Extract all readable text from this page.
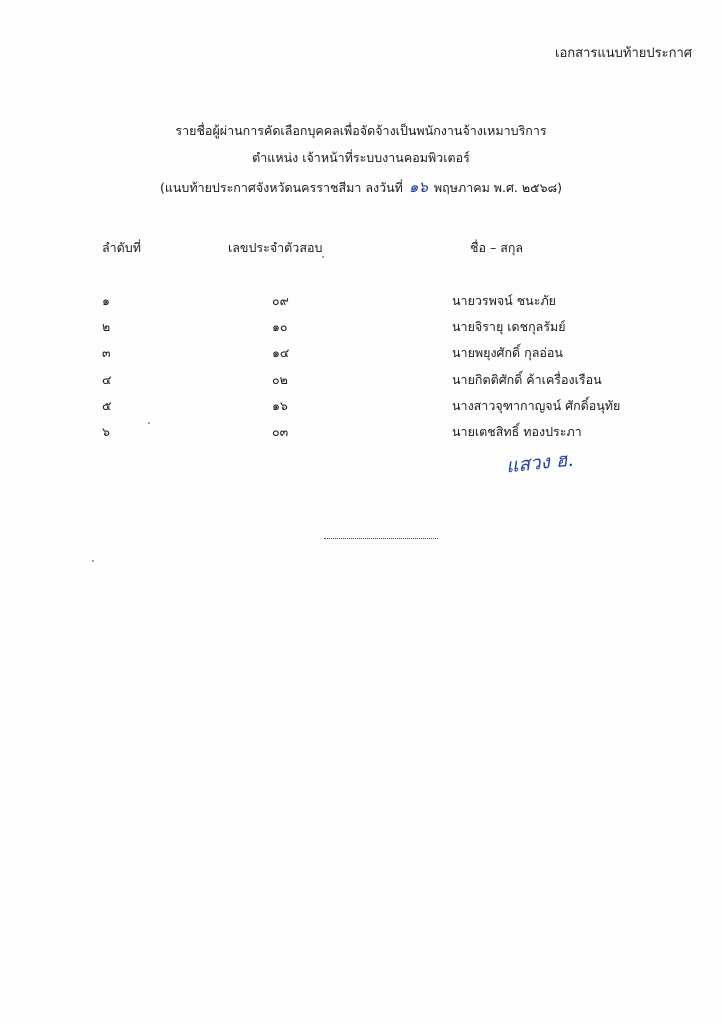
เอกสารแนบท้ายประกาศ
รายชื่อผู้ผ่านการคัดเลือกบุคคลเพื่อจัดจ้างเป็นพนักงานจ้างเหมาบริการ
ตำแหน่ง เจ้าหน้าที่ระบบงานคอมพิวเตอร์
(แนบท้ายประกาศจังหวัดนครราชสีมา ลงวันที่ ๑๖ พฤษภาคม พ.ศ. ๒๕๖๘)
ลำดับที่	เลขประจำตัวสอบ	ชื่อ – สกุล
๑	๐๙	นายวรพจน์ ชนะภัย
๒	๑๐	นายจิรายุ เดชกุลรัมย์
๓	๑๔	นายพยุงศักดิ์ กุลอ่อน
๔	๐๒	นายกิตติศักดิ์ ค้าเครื่องเรือน
๕	๑๖	นางสาวจุฑากาญจน์ ศักดิ์อนุทัย
๖	๐๓	นายเตชสิทธิ์ ทองประภา
แสวง ฮ.
